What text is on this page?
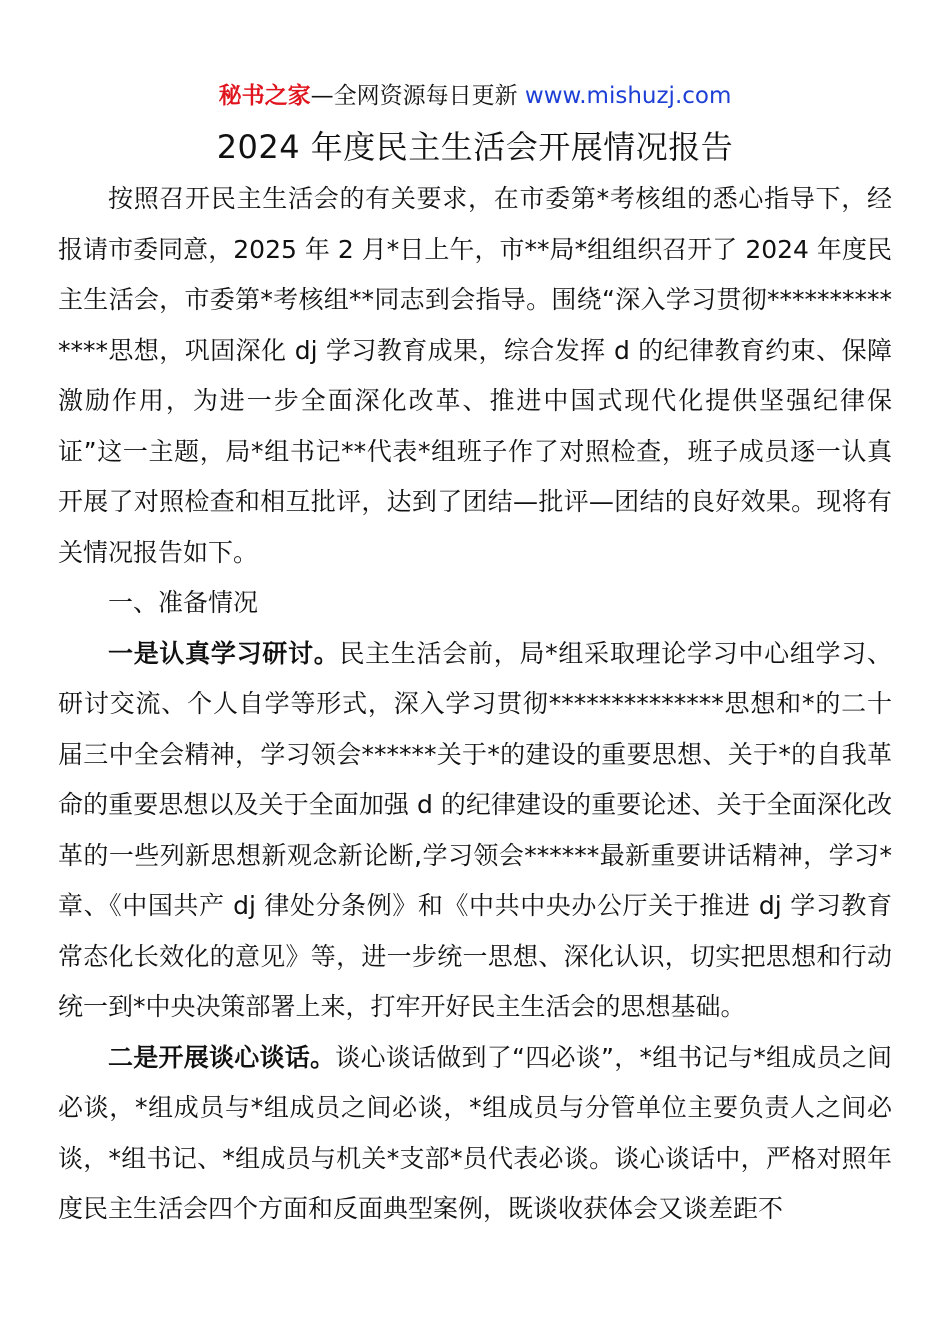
秘书之家—全网资源每日更新 www.mishuzj.com
2024 年度民主生活会开展情况报告

按照召开民主生活会的有关要求，在市委第*考核组的悉心指导下，经报请市委同意，2025 年 2 月*日上午，市**局*组组织召开了 2024 年度民主生活会，市委第*考核组**同志到会指导。围绕“深入学习贯彻**************思想，巩固深化 dj 学习教育成果，综合发挥 d 的纪律教育约束、保障激励作用，为进一步全面深化改革、推进中国式现代化提供坚强纪律保证”这一主题，局*组书记**代表*组班子作了对照检查，班子成员逐一认真开展了对照检查和相互批评，达到了团结—批评—团结的良好效果。现将有关情况报告如下。

一、准备情况

一是认真学习研讨。民主生活会前，局*组采取理论学习中心组学习、研讨交流、个人自学等形式，深入学习贯彻**************思想和*的二十届三中全会精神，学习领会******关于*的建设的重要思想、关于*的自我革命的重要思想以及关于全面加强 d 的纪律建设的重要论述、关于全面深化改革的一些列新思想新观念新论断,学习领会******最新重要讲话精神，学习*章、《中国共产 dj 律处分条例》和《中共中央办公厅关于推进 dj 学习教育常态化长效化的意见》等，进一步统一思想、深化认识，切实把思想和行动统一到*中央决策部署上来，打牢开好民主生活会的思想基础。

二是开展谈心谈话。谈心谈话做到了“四必谈”，*组书记与*组成员之间必谈，*组成员与*组成员之间必谈，*组成员与分管单位主要负责人之间必谈，*组书记、*组成员与机关*支部*员代表必谈。谈心谈话中，严格对照年度民主生活会四个方面和反面典型案例，既谈收获体会又谈差距不
